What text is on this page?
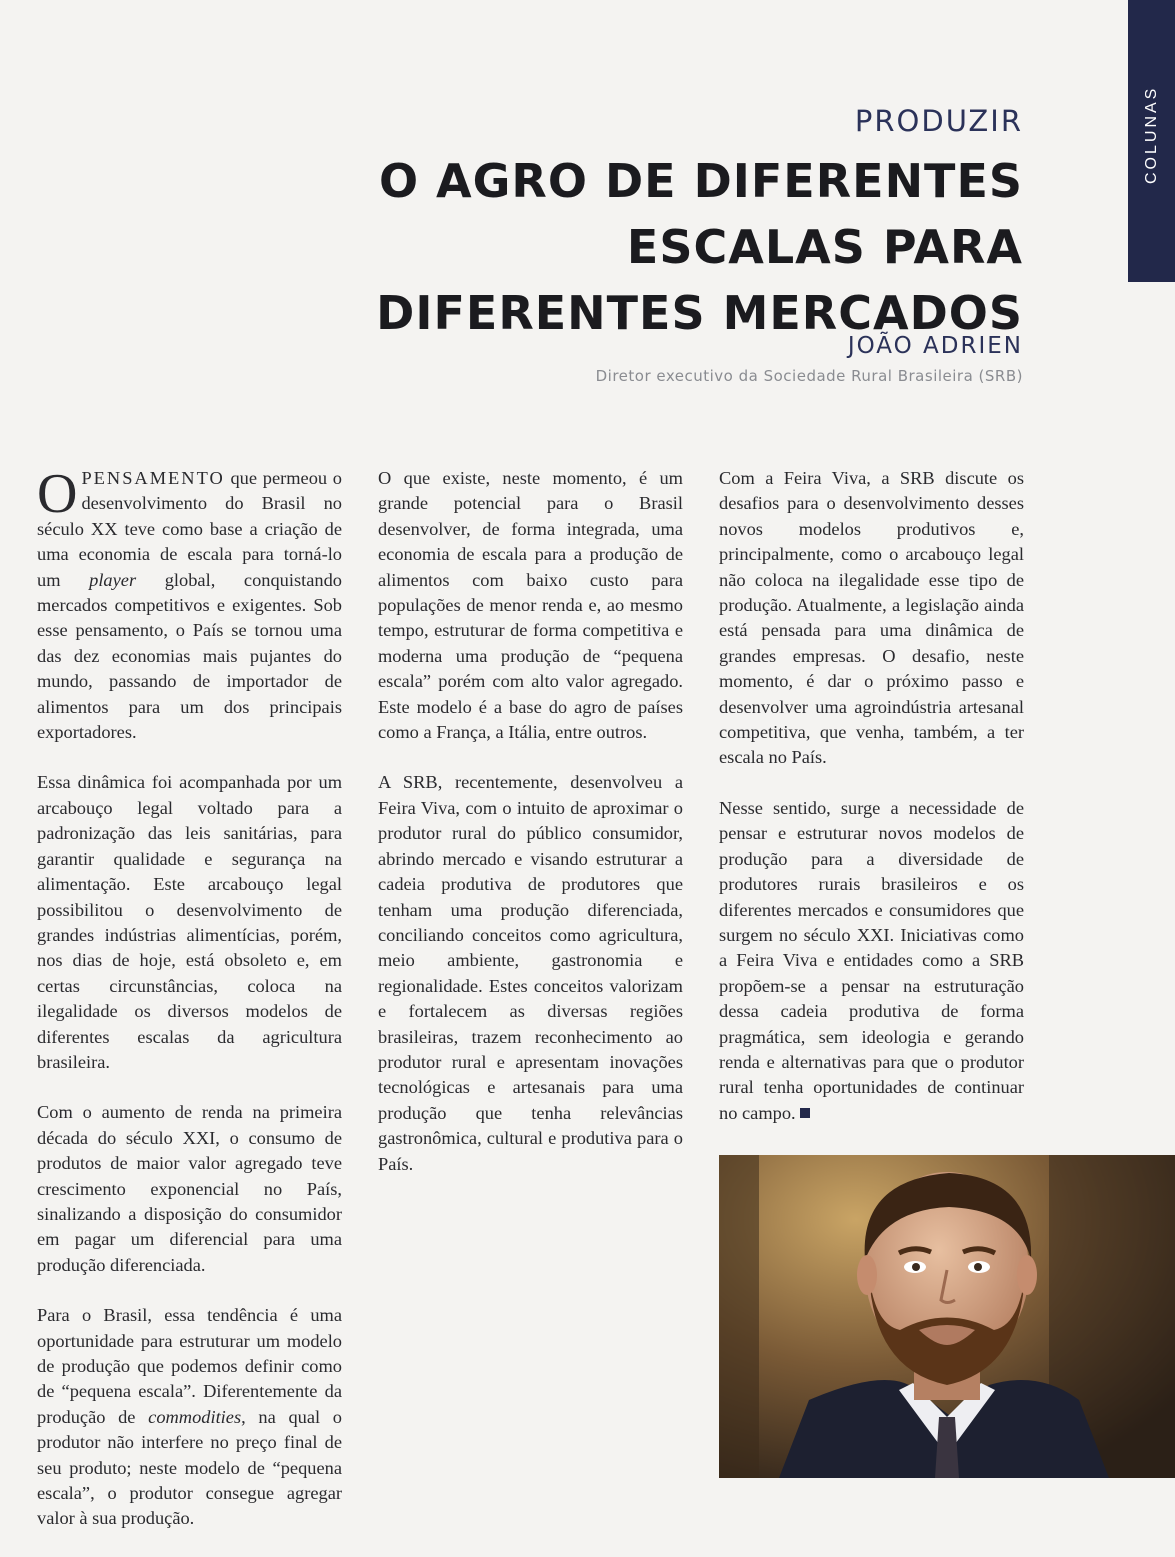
COLUNAS
PRODUZIR
O AGRO DE DIFERENTES
ESCALAS PARA
DIFERENTES MERCADOS
JOÃO ADRIEN
Diretor executivo da Sociedade Rural Brasileira (SRB)

OPENSAMENTO que permeou o desenvolvimento do Brasil no século XX teve como base a criação de uma economia de escala para torná-lo um player global, conquistando mercados competitivos e exigentes. Sob esse pensamento, o País se tornou uma das dez economias mais pujantes do mundo, passando de importador de alimentos para um dos principais exportadores.

Essa dinâmica foi acompanhada por um arcabouço legal voltado para a padronização das leis sanitárias, para garantir qualidade e segurança na alimentação. Este arcabouço legal possibilitou o desenvolvimento de grandes indústrias alimentícias, porém, nos dias de hoje, está obsoleto e, em certas circunstâncias, coloca na ilegalidade os diversos modelos de diferentes escalas da agricultura brasileira.

Com o aumento de renda na primeira década do século XXI, o consumo de produtos de maior valor agregado teve crescimento exponencial no País, sinalizando a disposição do consumidor em pagar um diferencial para uma produção diferenciada.

Para o Brasil, essa tendência é uma oportunidade para estruturar um modelo de produção que podemos definir como de “pequena escala”. Diferentemente da produção de commodities, na qual o produtor não interfere no preço final de seu produto; neste modelo de “pequena escala”, o produtor consegue agregar valor à sua produção.

O que existe, neste momento, é um grande potencial para o Brasil desenvolver, de forma integrada, uma economia de escala para a produção de alimentos com baixo custo para populações de menor renda e, ao mesmo tempo, estruturar de forma competitiva e moderna uma produção de “pequena escala” porém com alto valor agregado. Este modelo é a base do agro de países como a França, a Itália, entre outros.

A SRB, recentemente, desenvolveu a Feira Viva, com o intuito de aproximar o produtor rural do público consumidor, abrindo mercado e visando estruturar a cadeia produtiva de produtores que tenham uma produção diferenciada, conciliando conceitos como agricultura, meio ambiente, gastronomia e regionalidade. Estes conceitos valorizam e fortalecem as diversas regiões brasileiras, trazem reconhecimento ao produtor rural e apresentam inovações tecnológicas e artesanais para uma produção que tenha relevâncias gastronômica, cultural e produtiva para o País.

Com a Feira Viva, a SRB discute os desafios para o desenvolvimento desses novos modelos produtivos e, principalmente, como o arcabouço legal não coloca na ilegalidade esse tipo de produção. Atualmente, a legislação ainda está pensada para uma dinâmica de grandes empresas. O desafio, neste momento, é dar o próximo passo e desenvolver uma agroindústria artesanal competitiva, que venha, também, a ter escala no País.

Nesse sentido, surge a necessidade de pensar e estruturar novos modelos de produção para a diversidade de produtores rurais brasileiros e os diferentes mercados e consumidores que surgem no século XXI. Iniciativas como a Feira Viva e entidades como a SRB propõem-se a pensar na estruturação dessa cadeia produtiva de forma pragmática, sem ideologia e gerando renda e alternativas para que o produtor rural tenha oportunidades de continuar no campo.
